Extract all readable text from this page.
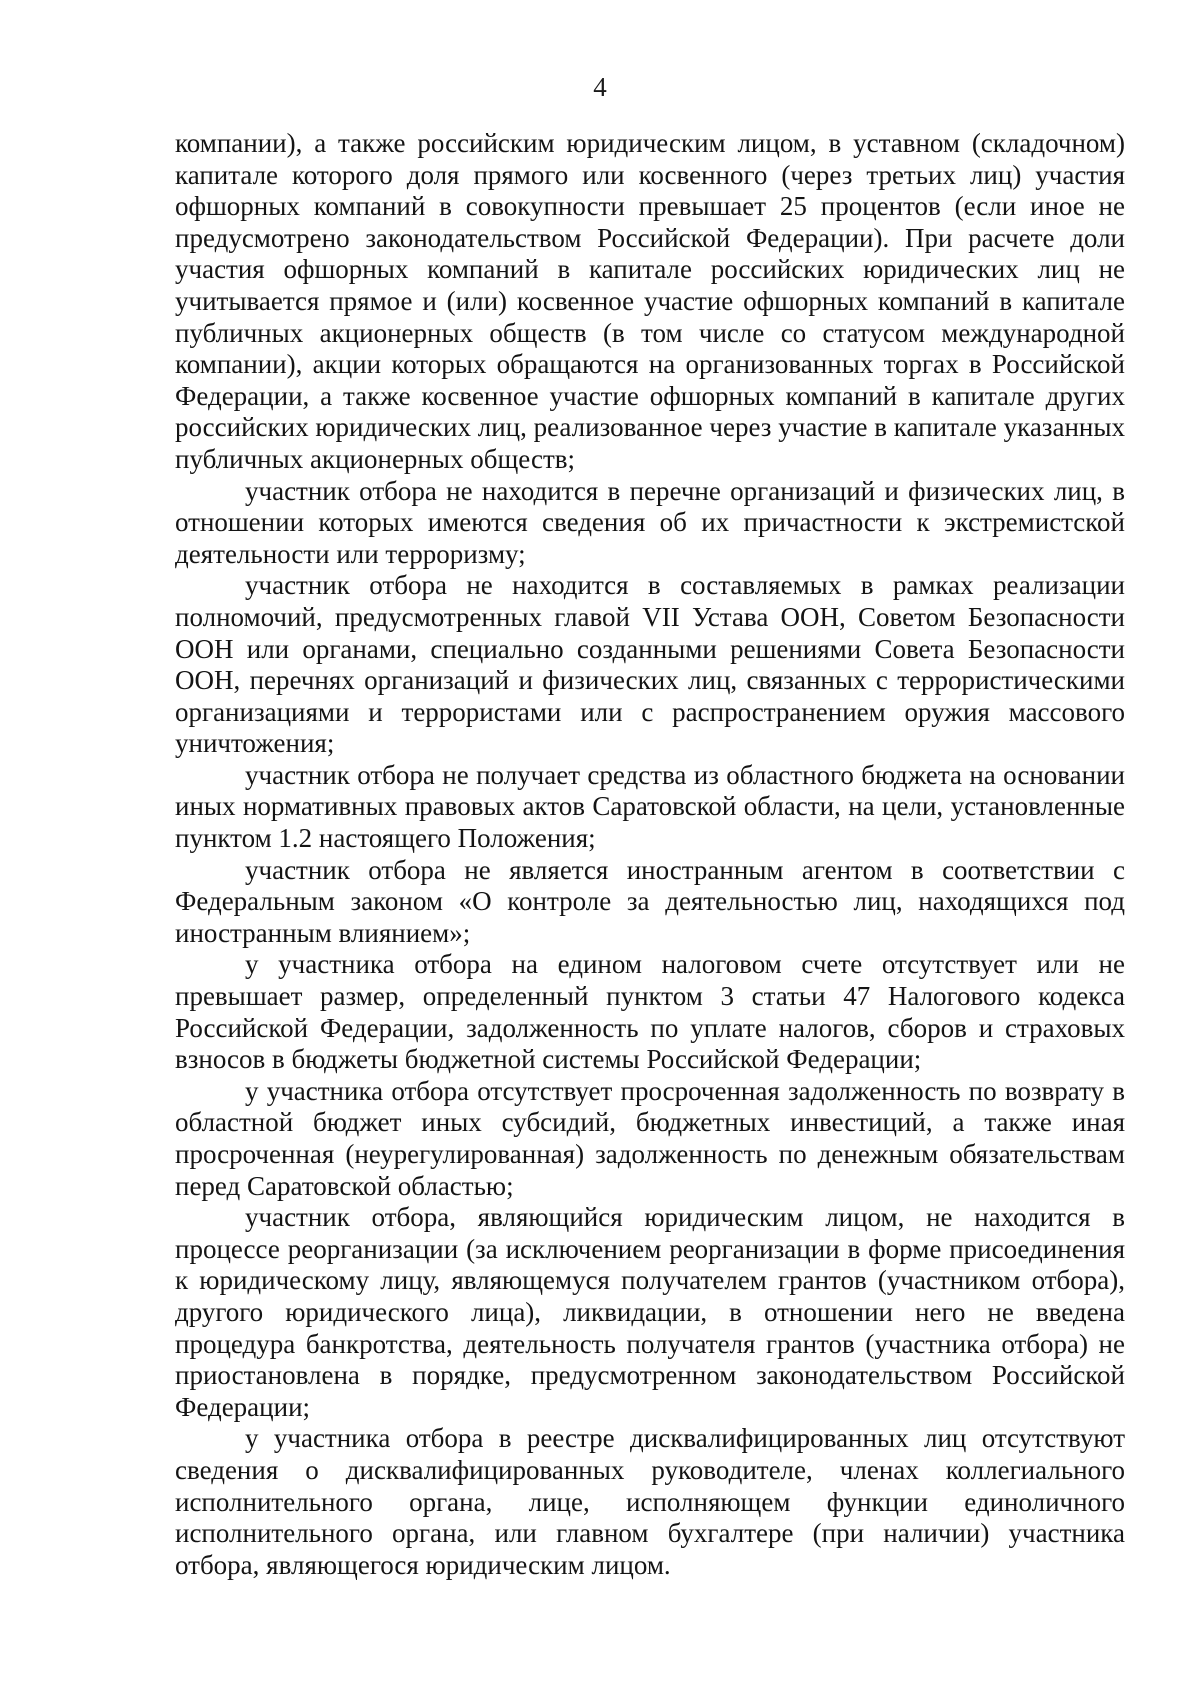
4

компании), а также российским юридическим лицом, в уставном (складочном) капитале которого доля прямого или косвенного (через третьих лиц) участия офшорных компаний в совокупности превышает 25 процентов (если иное не предусмотрено законодательством Российской Федерации). При расчете доли участия офшорных компаний в капитале российских юридических лиц не учитывается прямое и (или) косвенное участие офшорных компаний в капитале публичных акционерных обществ (в том числе со статусом международной компании), акции которых обращаются на организованных торгах в Российской Федерации, а также косвенное участие офшорных компаний в капитале других российских юридических лиц, реализованное через участие в капитале указанных публичных акционерных обществ;

участник отбора не находится в перечне организаций и физических лиц, в отношении которых имеются сведения об их причастности к экстремистской деятельности или терроризму;

участник отбора не находится в составляемых в рамках реализации полномочий, предусмотренных главой VII Устава ООН, Советом Безопасности ООН или органами, специально созданными решениями Совета Безопасности ООН, перечнях организаций и физических лиц, связанных с террористическими организациями и террористами или с распространением оружия массового уничтожения;

участник отбора не получает средства из областного бюджета на основании иных нормативных правовых актов Саратовской области, на цели, установленные пунктом 1.2 настоящего Положения;

участник отбора не является иностранным агентом в соответствии с Федеральным законом «О контроле за деятельностью лиц, находящихся под иностранным влиянием»;

у участника отбора на едином налоговом счете отсутствует или не превышает размер, определенный пунктом 3 статьи 47 Налогового кодекса Российской Федерации, задолженность по уплате налогов, сборов и страховых взносов в бюджеты бюджетной системы Российской Федерации;

у участника отбора отсутствует просроченная задолженность по возврату в областной бюджет иных субсидий, бюджетных инвестиций, а также иная просроченная (неурегулированная) задолженность по денежным обязательствам перед Саратовской областью;

участник отбора, являющийся юридическим лицом, не находится в процессе реорганизации (за исключением реорганизации в форме присоединения к юридическому лицу, являющемуся получателем грантов (участником отбора), другого юридического лица), ликвидации, в отношении него не введена процедура банкротства, деятельность получателя грантов (участника отбора) не приостановлена в порядке, предусмотренном законодательством Российской Федерации;

у участника отбора в реестре дисквалифицированных лиц отсутствуют сведения о дисквалифицированных руководителе, членах коллегиального исполнительного органа, лице, исполняющем функции единоличного исполнительного органа, или главном бухгалтере (при наличии) участника отбора, являющегося юридическим лицом.
